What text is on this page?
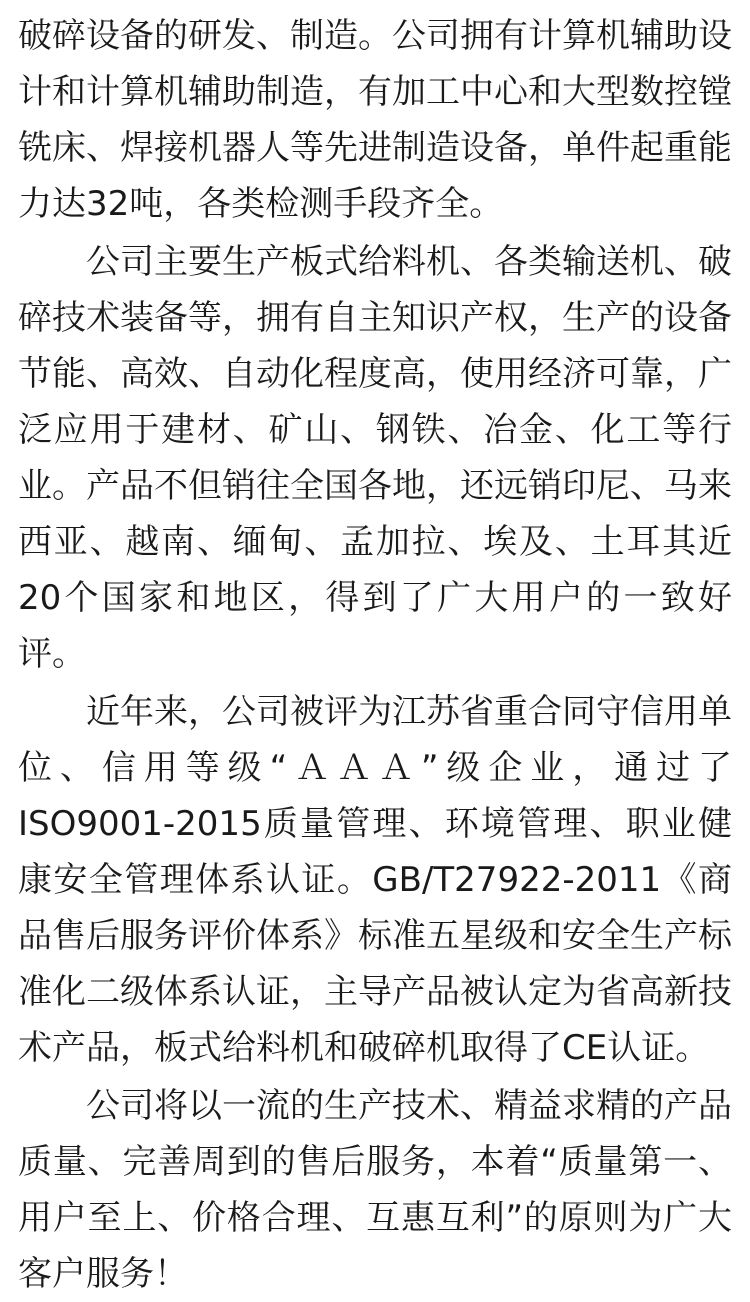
破碎设备的研发、制造。公司拥有计算机辅助设计和计算机辅助制造，有加工中心和大型数控镗铣床、焊接机器人等先进制造设备，单件起重能力达32吨，各类检测手段齐全。

公司主要生产板式给料机、各类输送机、破碎技术装备等，拥有自主知识产权，生产的设备节能、高效、自动化程度高，使用经济可靠，广泛应用于建材、矿山、钢铁、冶金、化工等行业。产品不但销往全国各地，还远销印尼、马来西亚、越南、缅甸、孟加拉、埃及、土耳其近20个国家和地区，得到了广大用户的一致好评。

近年来，公司被评为江苏省重合同守信用单位、信用等级“ＡＡＡ”级企业，通过了ISO9001-2015质量管理、环境管理、职业健康安全管理体系认证。GB/T27922-2011《商品售后服务评价体系》标准五星级和安全生产标准化二级体系认证，主导产品被认定为省高新技术产品，板式给料机和破碎机取得了CE认证。

公司将以一流的生产技术、精益求精的产品质量、完善周到的售后服务，本着“质量第一、用户至上、价格合理、互惠互利”的原则为广大客户服务！
